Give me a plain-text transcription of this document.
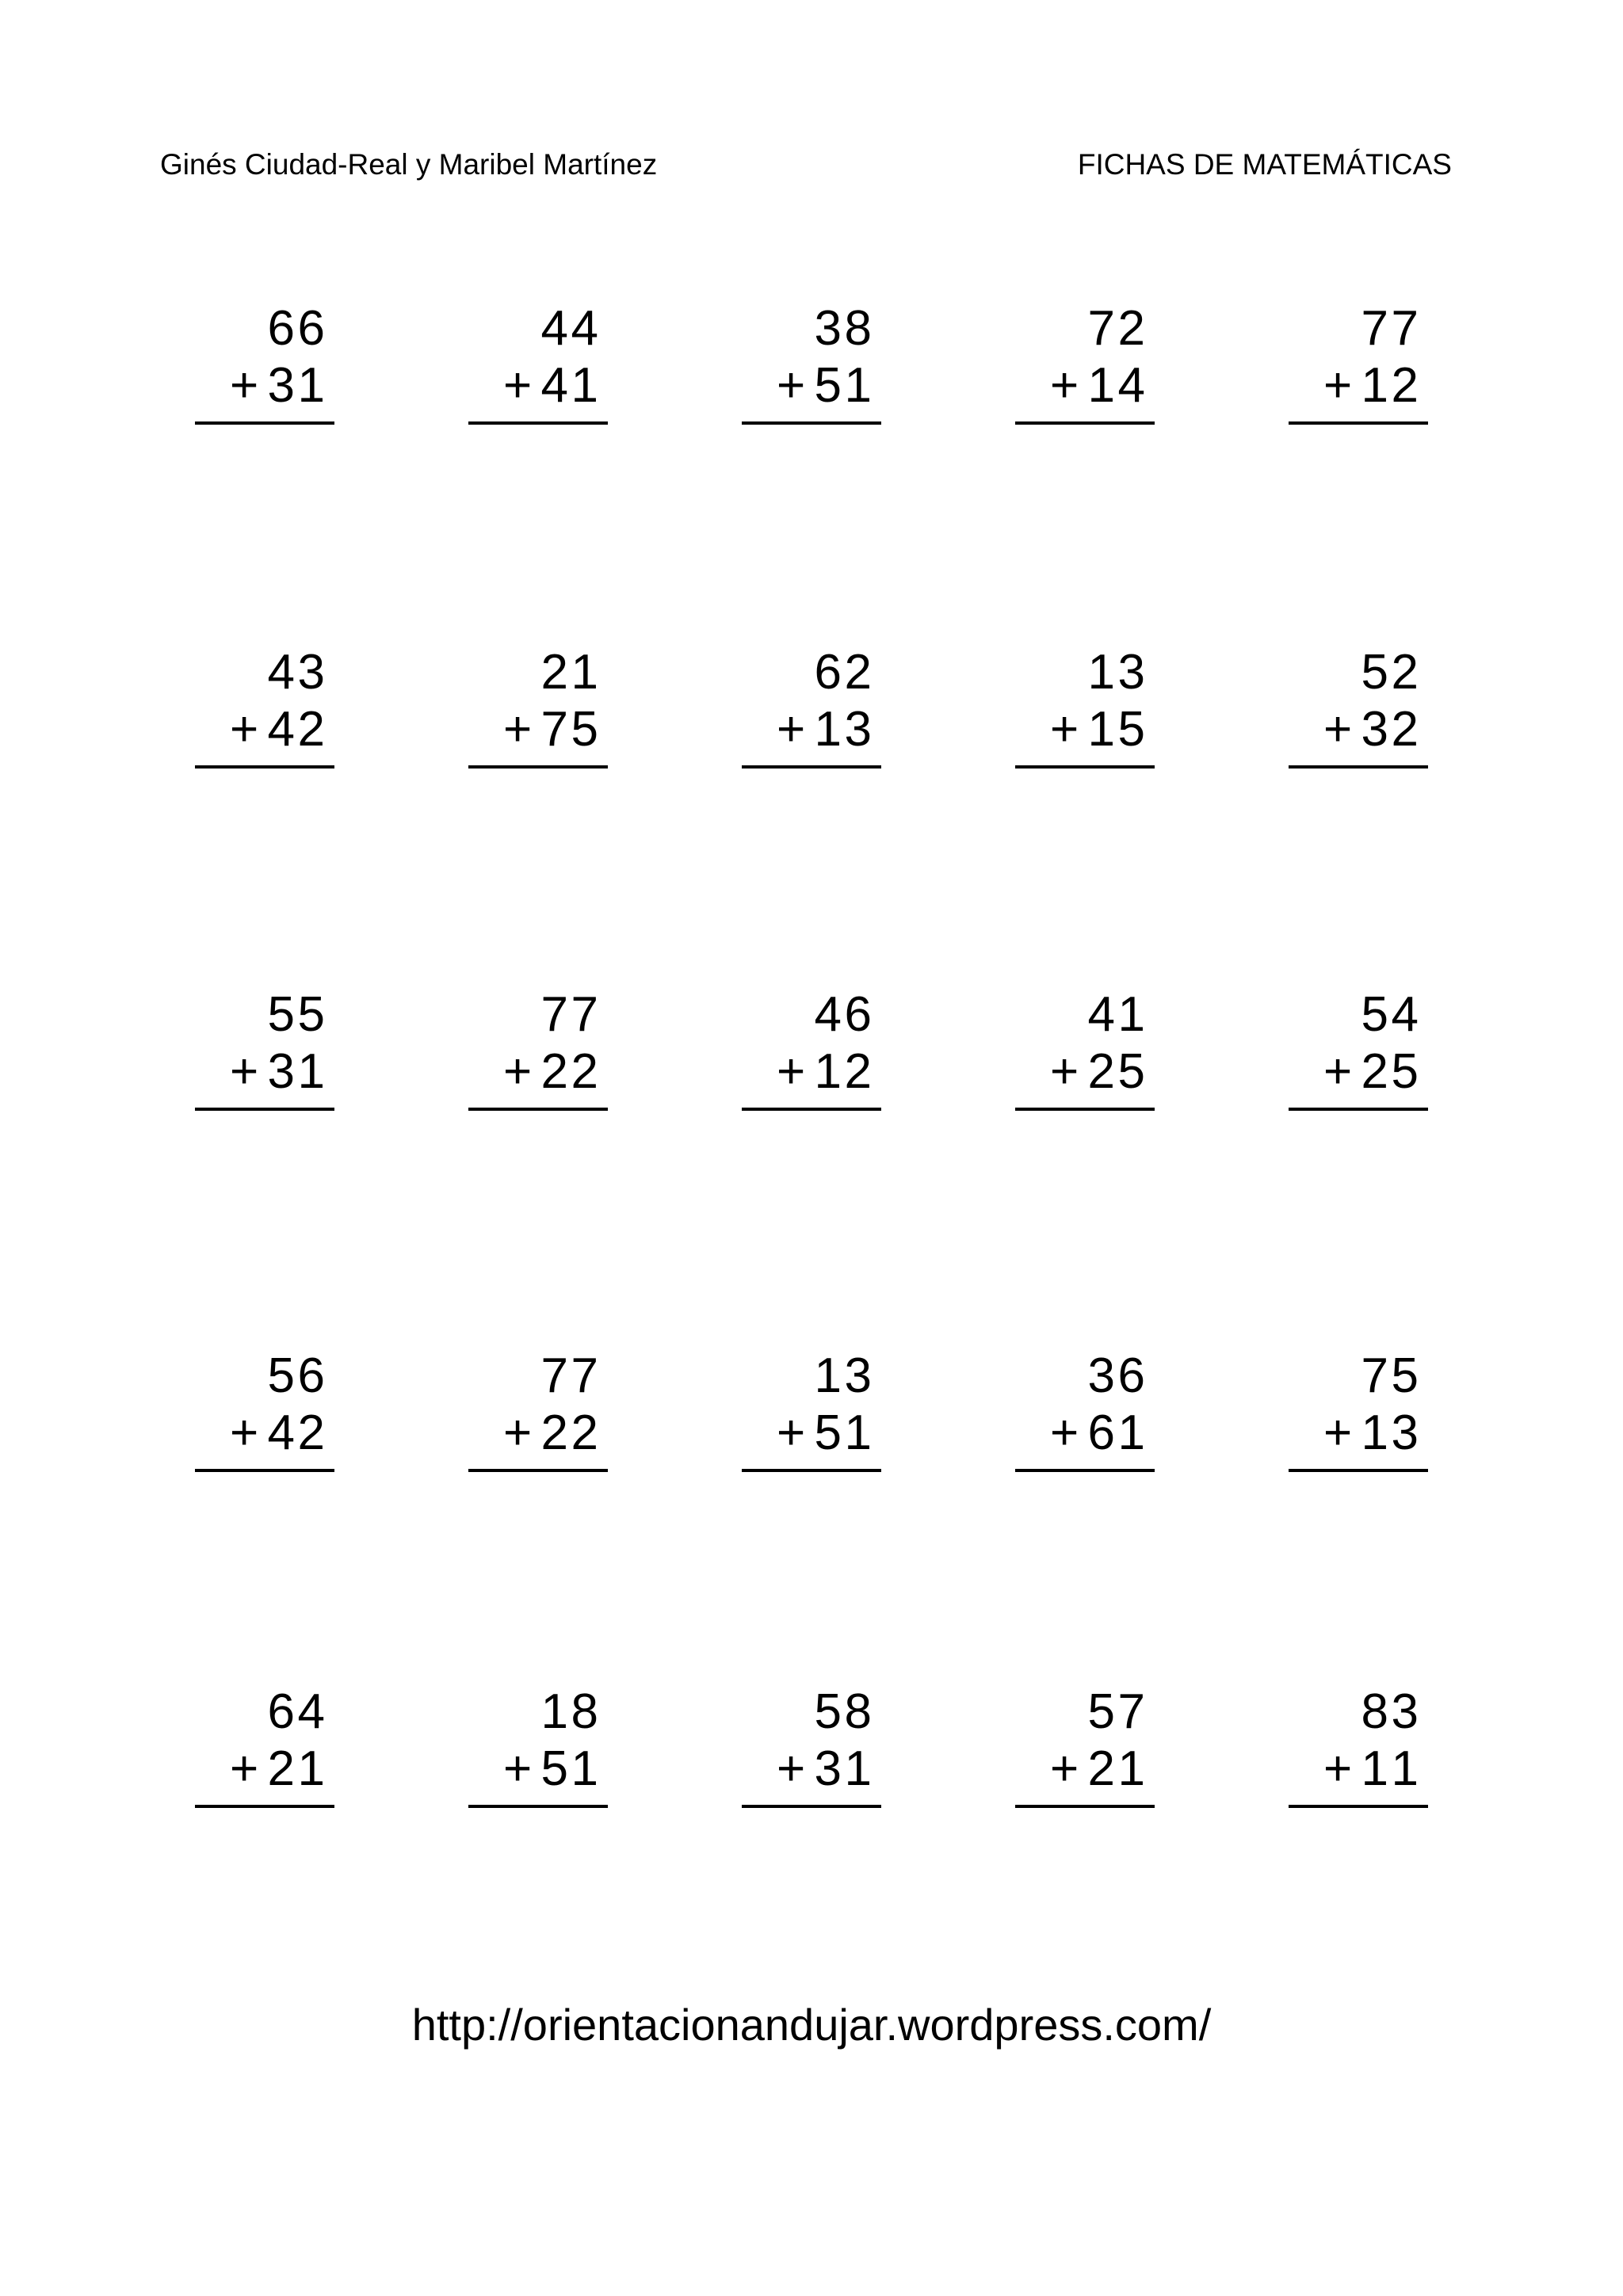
Ginés Ciudad-Real y Maribel Martínez	FICHAS DE MATEMÁTICAS
66
+ 31
44
+ 41
38
+ 51
72
+ 14
77
+ 12
43
+ 42
21
+ 75
62
+ 13
13
+ 15
52
+ 32
55
+ 31
77
+ 22
46
+ 12
41
+ 25
54
+ 25
56
+ 42
77
+ 22
13
+ 51
36
+ 61
75
+ 13
64
+ 21
18
+ 51
58
+ 31
57
+ 21
83
+ 11
http://orientacionandujar.wordpress.com/
